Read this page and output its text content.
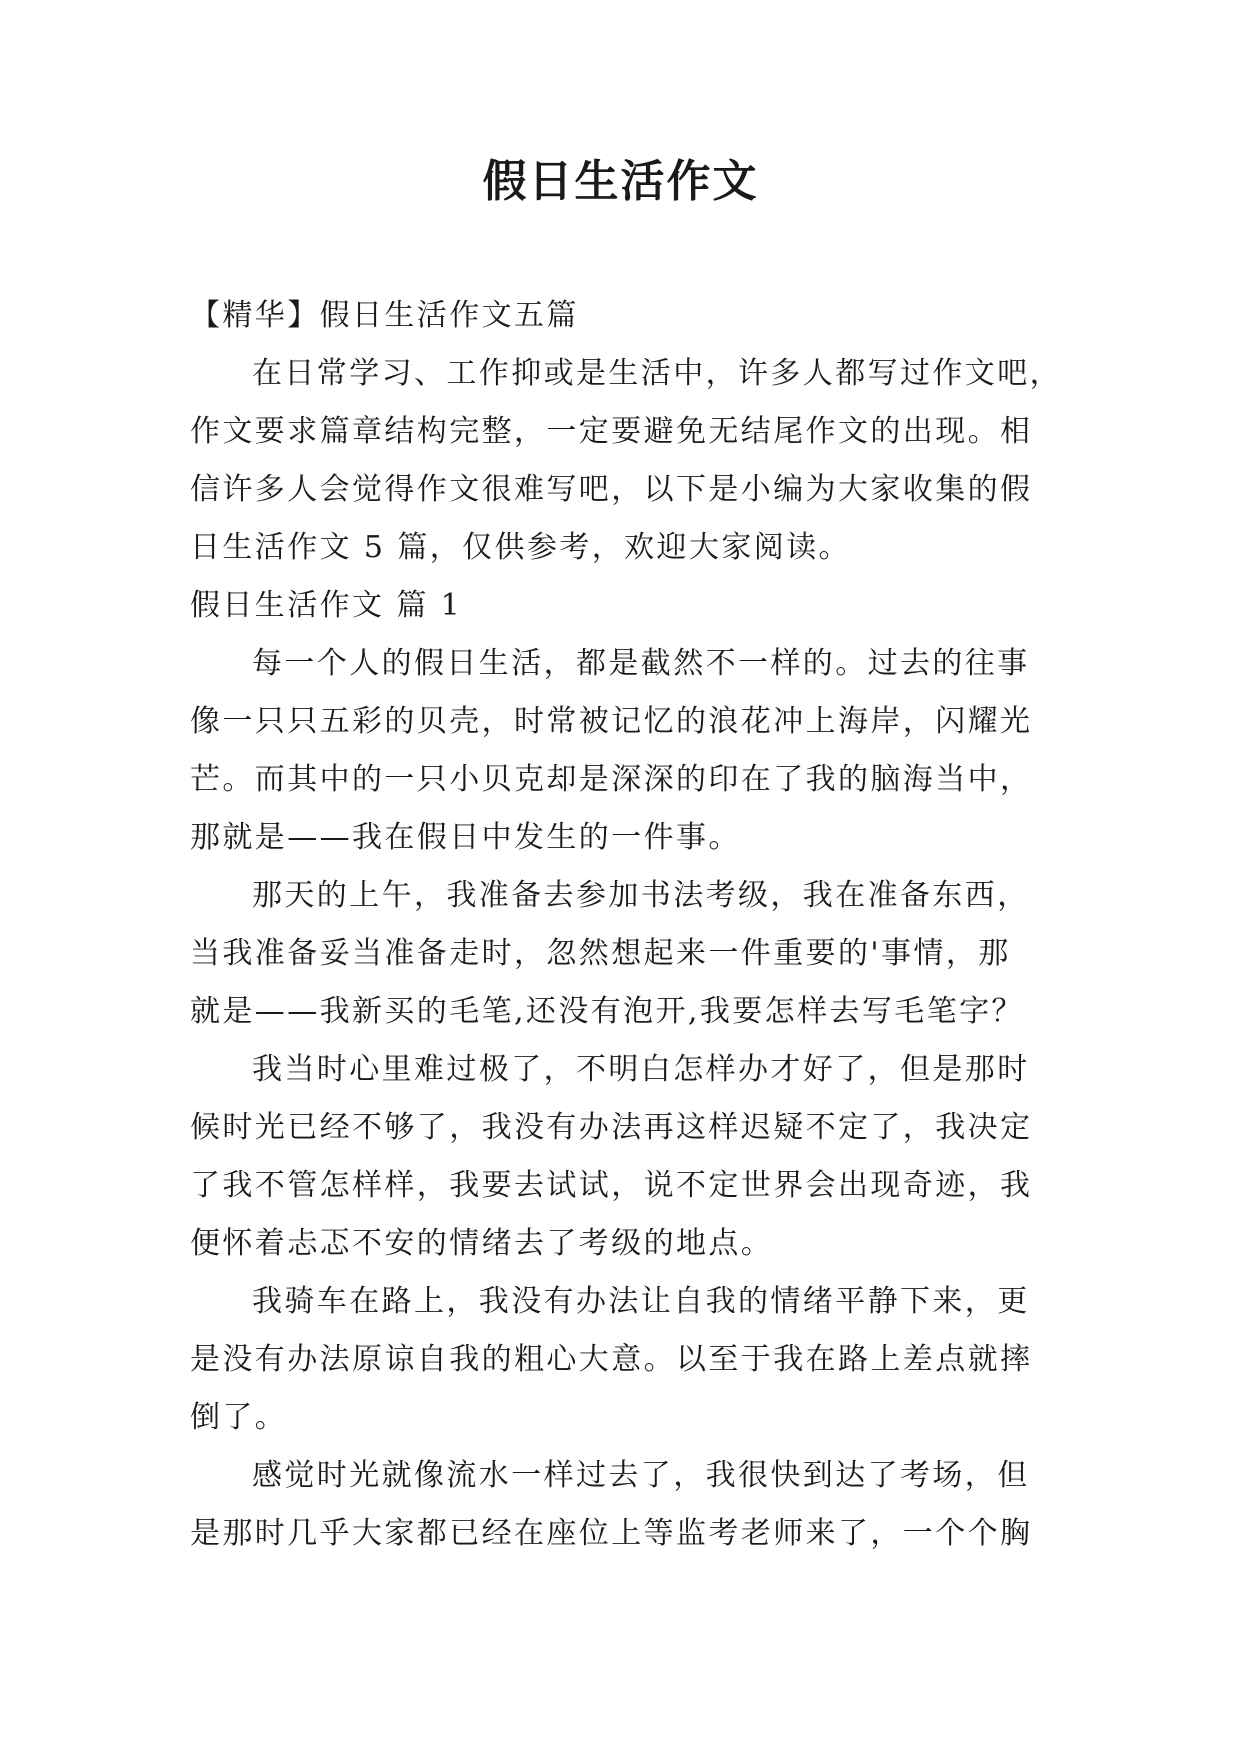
假日生活作文
【精华】假日生活作文五篇
在日常学习、工作抑或是生活中，许多人都写过作文吧，
作文要求篇章结构完整，一定要避免无结尾作文的出现。相
信许多人会觉得作文很难写吧，以下是小编为大家收集的假
日生活作文 5 篇，仅供参考，欢迎大家阅读。
假日生活作文 篇 1
每一个人的假日生活，都是截然不一样的。过去的往事
像一只只五彩的贝壳，时常被记忆的浪花冲上海岸，闪耀光
芒。而其中的一只小贝克却是深深的印在了我的脑海当中，
那就是——我在假日中发生的一件事。
那天的上午，我准备去参加书法考级，我在准备东西，
当我准备妥当准备走时，忽然想起来一件重要的'事情，那
就是——我新买的毛笔,还没有泡开,我要怎样去写毛笔字？
我当时心里难过极了，不明白怎样办才好了，但是那时
候时光已经不够了，我没有办法再这样迟疑不定了，我决定
了我不管怎样样，我要去试试，说不定世界会出现奇迹，我
便怀着忐忑不安的情绪去了考级的地点。
我骑车在路上，我没有办法让自我的情绪平静下来，更
是没有办法原谅自我的粗心大意。以至于我在路上差点就摔
倒了。
感觉时光就像流水一样过去了，我很快到达了考场，但
是那时几乎大家都已经在座位上等监考老师来了，一个个胸
